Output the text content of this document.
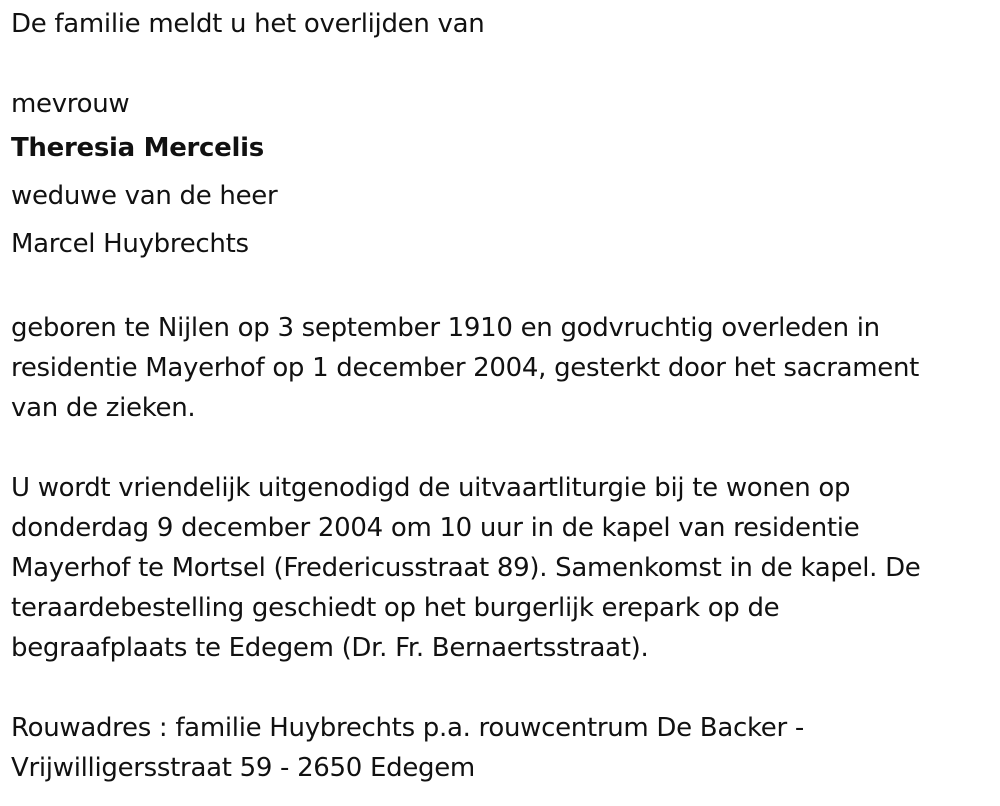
De familie meldt u het overlijden van

mevrouw

Theresia Mercelis

weduwe van de heer

Marcel Huybrechts

geboren te Nijlen op 3 september 1910 en godvruchtig overleden in

residentie Mayerhof op 1 december 2004, gesterkt door het sacrament

van de zieken.

U wordt vriendelijk uitgenodigd de uitvaartliturgie bij te wonen op

donderdag 9 december 2004 om 10 uur in de kapel van residentie

Mayerhof te Mortsel (Fredericusstraat 89). Samenkomst in de kapel. De

teraardebestelling geschiedt op het burgerlijk erepark op de

begraafplaats te Edegem (Dr. Fr. Bernaertsstraat).

Rouwadres : familie Huybrechts p.a. rouwcentrum De Backer -

Vrijwilligersstraat 59 - 2650 Edegem
